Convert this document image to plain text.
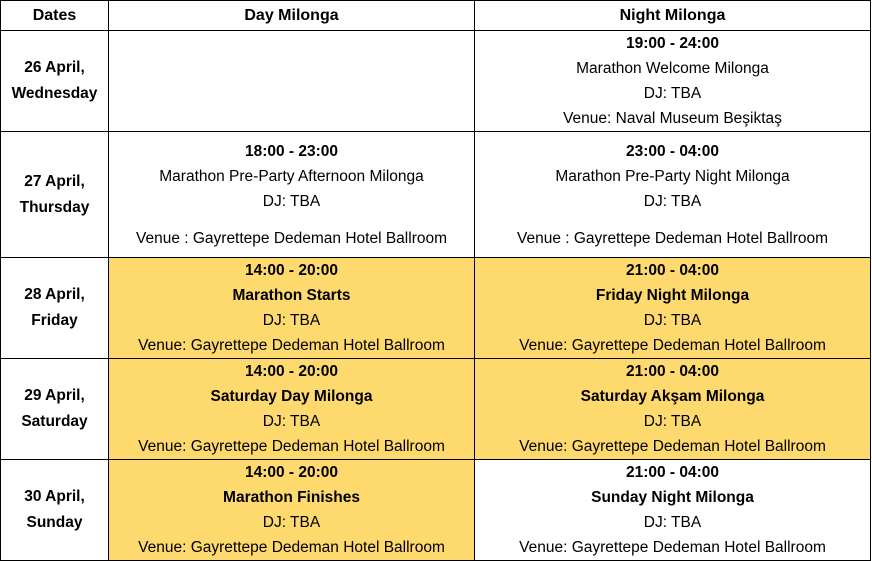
Dates	Day Milonga	Night Milonga

26 April,
Wednesday		19:00 - 24:00
Marathon Welcome Milonga
DJ: TBA
Venue: Naval Museum Beşiktaş

27 April,
Thursday	18:00 - 23:00
Marathon Pre-Party Afternoon Milonga
DJ: TBA
Venue : Gayrettepe Dedeman Hotel Ballroom	23:00 - 04:00
Marathon Pre-Party Night Milonga
DJ: TBA
Venue : Gayrettepe Dedeman Hotel Ballroom

28 April,
Friday	14:00 - 20:00
Marathon Starts
DJ: TBA
Venue: Gayrettepe Dedeman Hotel Ballroom	21:00 - 04:00
Friday Night Milonga
DJ: TBA
Venue: Gayrettepe Dedeman Hotel Ballroom

29 April,
Saturday	14:00 - 20:00
Saturday Day Milonga
DJ: TBA
Venue: Gayrettepe Dedeman Hotel Ballroom	21:00 - 04:00
Saturday Akşam Milonga
DJ: TBA
Venue: Gayrettepe Dedeman Hotel Ballroom

30 April,
Sunday	14:00 - 20:00
Marathon Finishes
DJ: TBA
Venue: Gayrettepe Dedeman Hotel Ballroom	21:00 - 04:00
Sunday Night Milonga
DJ: TBA
Venue: Gayrettepe Dedeman Hotel Ballroom
